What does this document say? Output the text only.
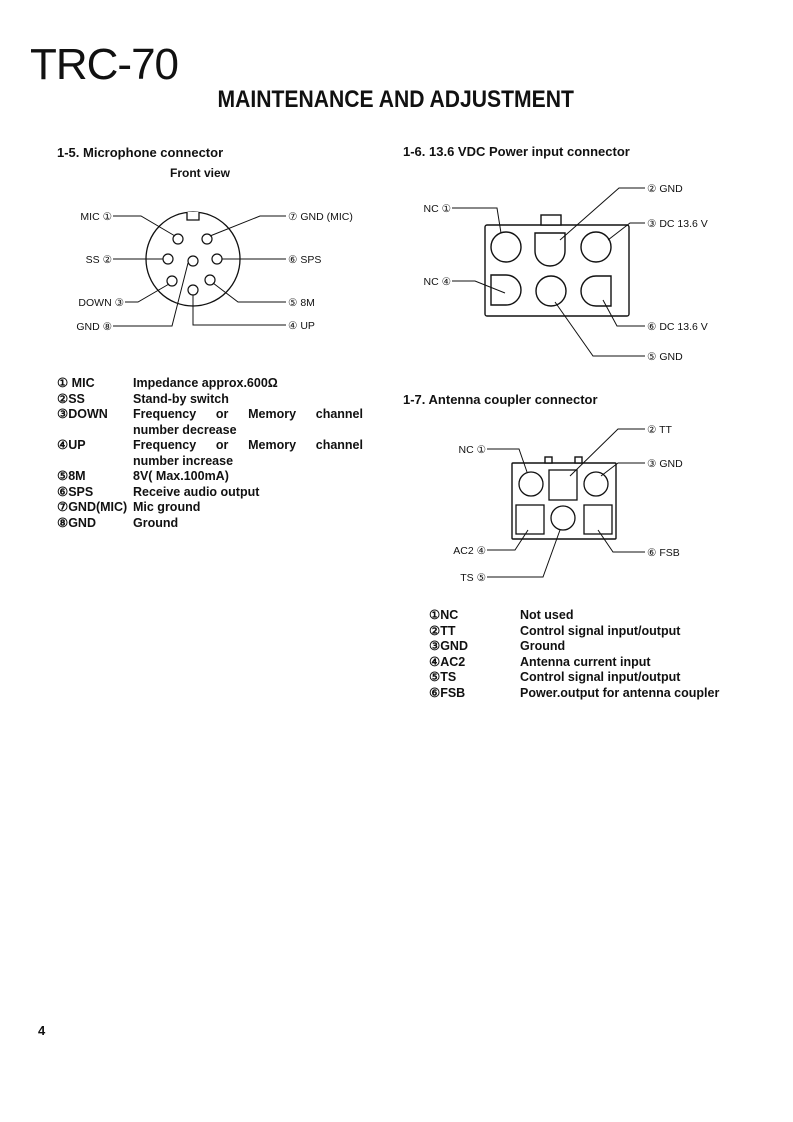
TRC-70
MAINTENANCE AND ADJUSTMENT
1-5. Microphone connector
Front view
MIC ①
SS ②
DOWN ③
GND ⑧
⑦ GND (MIC)
⑥ SPS
⑤ 8M
④ UP
① MIC	Impedance approx.600Ω
②SS	Stand-by switch
③DOWN	Frequency or Memory channel
number decrease
④UP	Frequency or Memory channel
number increase
⑤8M	8V( Max.100mA)
⑥SPS	Receive audio output
⑦GND(MIC) Mic ground
⑧GND	Ground
1-6. 13.6 VDC Power input connector
NC ①
NC ④
② GND
③ DC 13.6 V
⑥ DC 13.6 V
⑤ GND
1-7. Antenna coupler connector
NC ①
② TT
③ GND
AC2 ④
TS ⑤
⑥ FSB
①NC	Not used
②TT	Control signal input/output
③GND	Ground
④AC2	Antenna current input
⑤TS	Control signal input/output
⑥FSB	Power.output for antenna coupler
4
